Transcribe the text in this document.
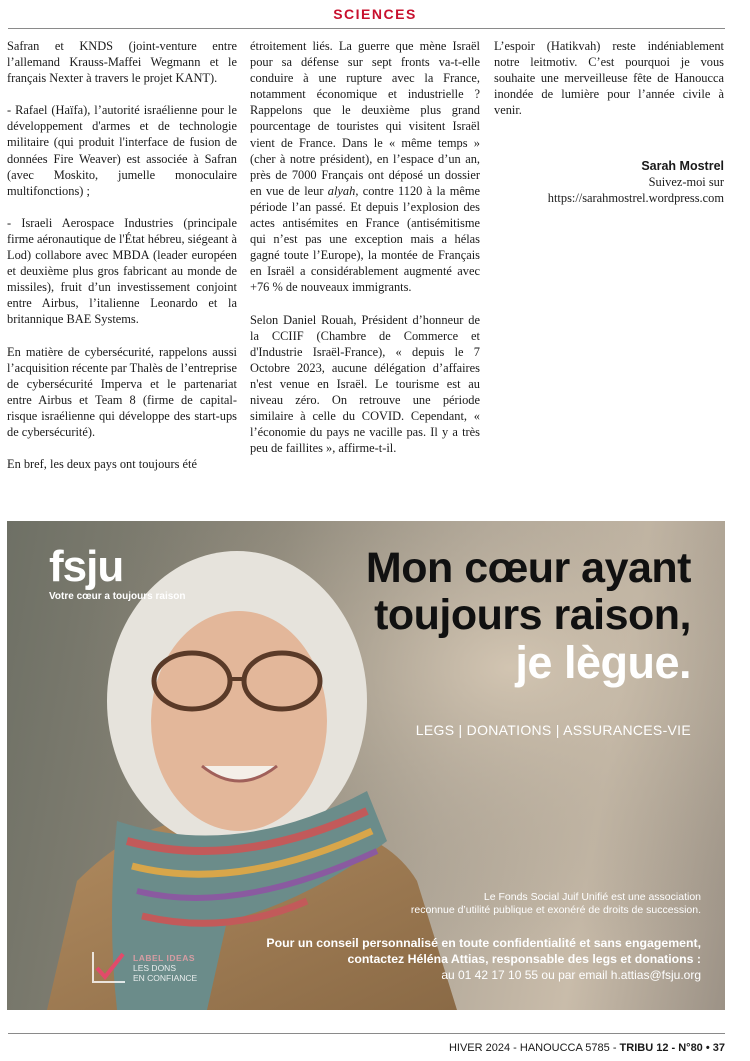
SCIENCES

Safran et KNDS (joint-venture entre l’allemand Krauss-Maffei Wegmann et le français Nexter à travers le projet KANT).

- Rafael (Haïfa), l’autorité israélienne pour le développement d'armes et de technologie militaire (qui produit l'interface de fusion de données Fire Weaver) est associée à Safran (avec Moskito, jumelle monoculaire multifonctions) ;

- Israeli Aerospace Industries (principale firme aéronautique de l'État hébreu, siégeant à Lod) collabore avec MBDA (leader européen et deuxième plus gros fabricant au monde de missiles), fruit d’un investissement conjoint entre Airbus, l’italienne Leonardo et la britannique BAE Systems.

En matière de cybersécurité, rappelons aussi l’acquisition récente par Thalès de l’entreprise de cybersécurité Imperva et le partenariat entre Airbus et Team 8 (firme de capital-risque israélienne qui développe des start-ups de cybersécurité).

En bref, les deux pays ont toujours été

étroitement liés. La guerre que mène Israël pour sa défense sur sept fronts va-t-elle conduire à une rupture avec la France, notamment économique et industrielle ? Rappelons que le deuxième plus grand pourcentage de touristes qui visitent Israël vient de France. Dans le « même temps » (cher à notre président), en l’espace d’un an, près de 7000 Français ont déposé un dossier en vue de leur alyah, contre 1120 à la même période l’an passé. Et depuis l’explosion des actes antisémites en France (antisémitisme qui n’est pas une exception mais a hélas gagné toute l’Europe), la montée de Français en Israël a considérablement augmenté avec +76 % de nouveaux immigrants.

Selon Daniel Rouah, Président d’honneur de la CCIIF (Chambre de Commerce et d'Industrie Israël-France), « depuis le 7 Octobre 2023, aucune délégation d’affaires n'est venue en Israël. Le tourisme est au niveau zéro. On retrouve une période similaire à celle du COVID. Cependant, « l’économie du pays ne vacille pas. Il y a très peu de faillites », affirme-t-il.

L’espoir (Hatikvah) reste indéniablement notre leitmotiv. C’est pourquoi je vous souhaite une merveilleuse fête de Hanoucca inondée de lumière pour l’année civile à venir.

Sarah Mostrel
Suivez-moi sur
https://sarahmostrel.wordpress.com
fsju
Votre cœur a toujours raison
Mon cœur ayant
toujours raison,
je lègue.
LEGS | DONATIONS | ASSURANCES-VIE
Le Fonds Social Juif Unifié est une association
reconnue d’utilité publique et exonéré de droits de succession.
Pour un conseil personnalisé en toute confidentialité et sans engagement,
contactez Héléna Attias, responsable des legs et donations :
au 01 42 17 10 55 ou par email h.attias@fsju.org
LABEL IDEAS
LES DONS
EN CONFIANCE
HIVER 2024 - HANOUCCA 5785 - TRIBU 12 - N°80 • 37
